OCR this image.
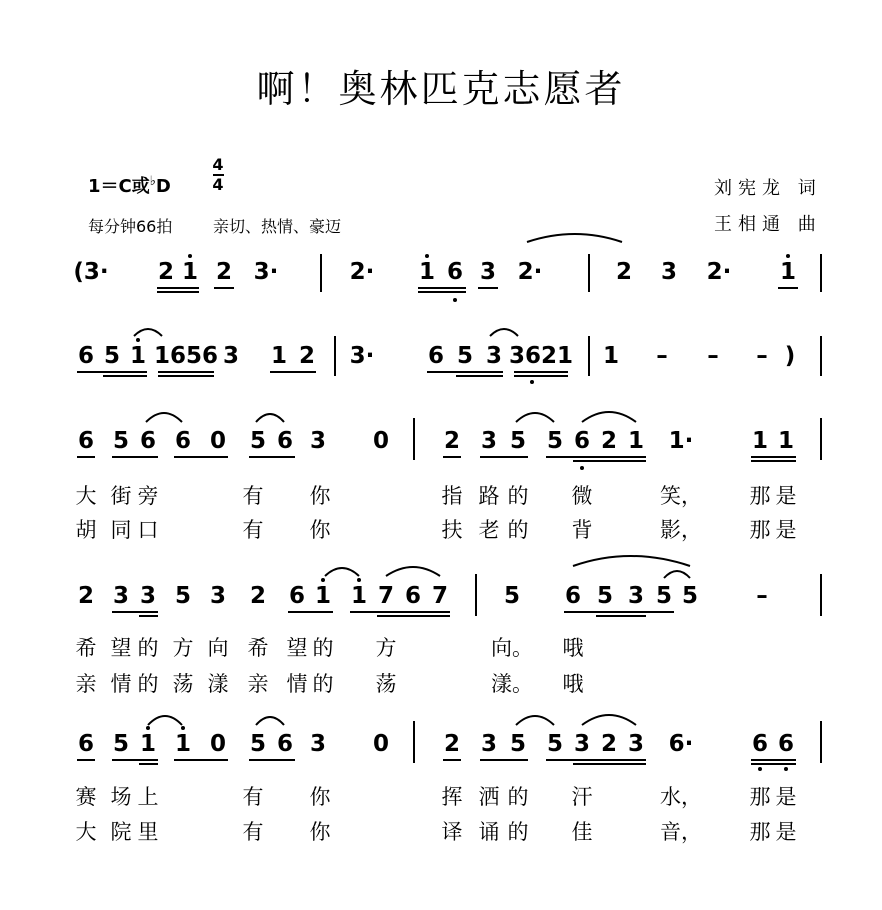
啊！奥林匹克志愿者
1＝C或♭D
4
4
每分钟66拍	亲切、热情、豪迈
刘宪龙 词
王相通 曲
(3· 2 1 2 3·	2· 1 6 3 2·	2 3 2· 1
6 5 1 1656 3 1 2 3· 6 5 3 3621 1 – – – )
6 5 6 6 0 5 6 3 0 2 3 5 5 6 2 1 1·	1 1
大 街 旁	有 你	指 路 的 微	笑， 那 是
胡 同 口	有 你	扶 老 的 背	影， 那 是
2 3 3 5 3 2 6 1 1 7 6 7 5 6 5 3 5 5	–
希 望 的 方 向 希 望 的 方	向。 哦
亲 情 的 荡 漾 亲 情 的 荡	漾。 哦
6 5 1 1 0 5 6 3 0 2 3 5 5 3 2 3 6·	6 6
赛 场 上	有 你	挥 洒 的 汗	水， 那 是
大 院 里	有 你	译 诵 的 佳	音， 那 是
